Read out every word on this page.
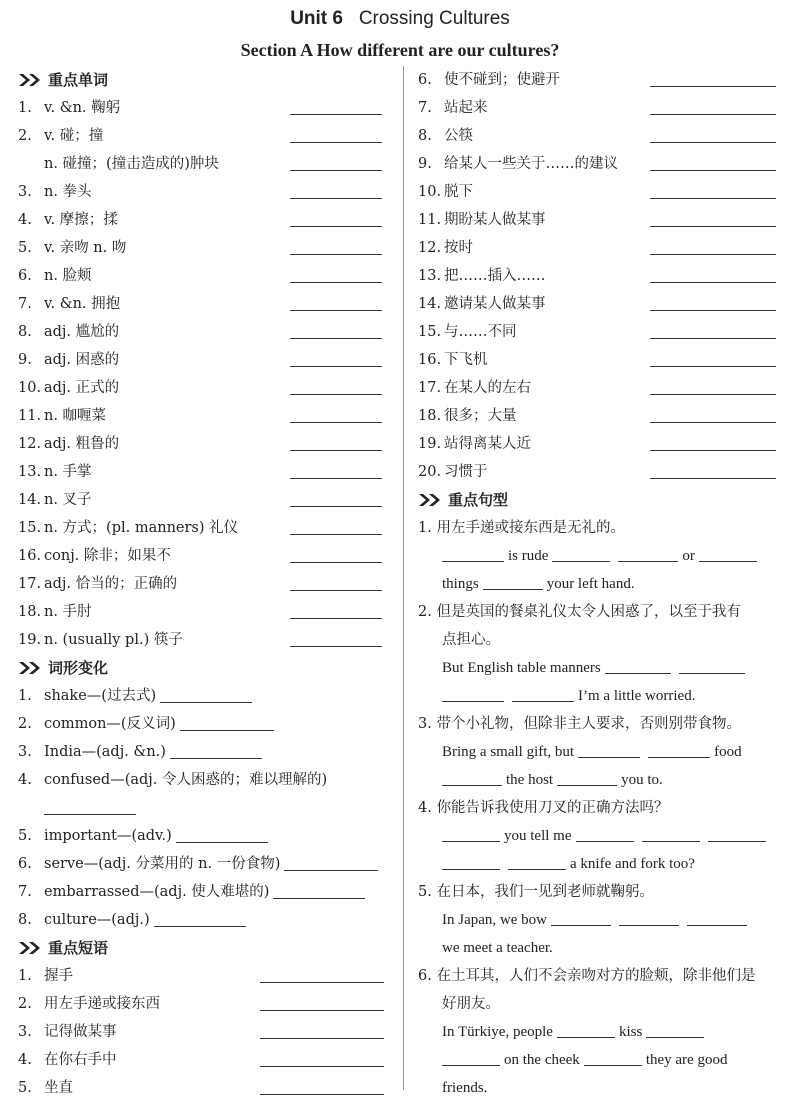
Unit 6 Crossing Cultures
Section A How different are our cultures?
重点单词
1. v. &n. 鞠躬
2. v. 碰；撞
n. 碰撞；(撞击造成的)肿块
3. n. 拳头
4. v. 摩擦；揉
5. v. 亲吻 n. 吻
6. n. 脸颊
7. v. &n. 拥抱
8. adj. 尴尬的
9. adj. 困惑的
10. adj. 正式的
11. n. 咖喱菜
12. adj. 粗鲁的
13. n. 手掌
14. n. 叉子
15. n. 方式；(pl. manners) 礼仪
16. conj. 除非；如果不
17. adj. 恰当的；正确的
18. n. 手肘
19. n. (usually pl.) 筷子
词形变化
1. shake—(过去式)
2. common—(反义词)
3. India—(adj. &n.)
4. confused—(adj. 令人困惑的；难以理解的)
5. important—(adv.)
6. serve—(adj. 分菜用的 n. 一份食物)
7. embarrassed—(adj. 使人难堪的)
8. culture—(adj.)
重点短语
1. 握手
2. 用左手递或接东西
3. 记得做某事
4. 在你右手中
5. 坐直
6. 使不碰到；使避开
7. 站起来
8. 公筷
9. 给某人一些关于……的建议
10. 脱下
11. 期盼某人做某事
12. 按时
13. 把……插入……
14. 邀请某人做某事
15. 与……不同
16. 下飞机
17. 在某人的左右
18. 很多；大量
19. 站得离某人近
20. 习惯于
重点句型
1. 用左手递或接东西是无礼的。
is rude	or
things	your left hand.
2. 但是英国的餐桌礼仪太令人困惑了，以至于我有
点担心。
But English table manners
I’m a little worried.
3. 带个小礼物，但除非主人要求，否则别带食物。
Bring a small gift, but	food
the host	you to.
4. 你能告诉我使用刀叉的正确方法吗？
you tell me
a knife and fork too?
5. 在日本，我们一见到老师就鞠躬。
In Japan, we bow
we meet a teacher.
6. 在土耳其，人们不会亲吻对方的脸颊，除非他们是
好朋友。
In Türkiye, people	kiss
on the cheek	they are good
friends.
